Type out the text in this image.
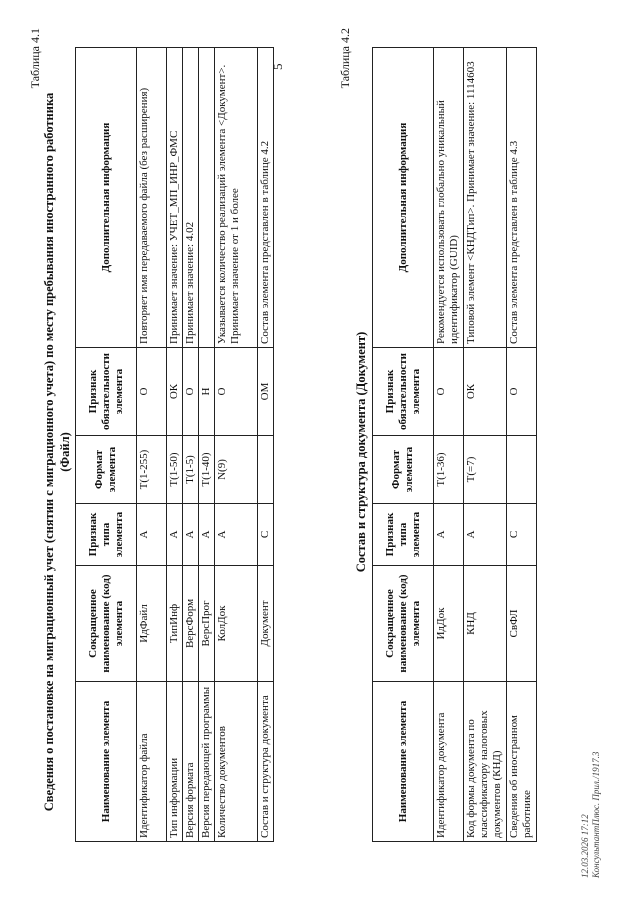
5
Таблица 4.1
Сведения о постановке на миграционный учет (снятии с миграционного учета) по месту пребывания иностранного работника (Файл)
Наименование элемента	Сокращенное наименование (код) элемента	Признак типа элемента	Формат элемента	Признак обязательности элемента	Дополнительная информация
Идентификатор файла	ИдФайл	А	T(1-255)	О	Повторяет имя передаваемого файла (без расширения)
Тип информации	ТипИнф	А	T(1-50)	ОК	Принимает значение: УЧЕТ_МП_ИНР_ФМС
Версия формата	ВерсФорм	А	T(1-5)	О	Принимает значение: 4.02
Версия передающей программы	ВерсПрог	А	T(1-40)	Н	
Количество документов	КолДок	А	N(9)	О	Указывается количество реализаций элемента <Документ>. Принимает значение от 1 и более
Состав и структура документа	Документ	С		ОМ	Состав элемента представлен в таблице 4.2
Таблица 4.2
Состав и структура документа (Документ)
Наименование элемента	Сокращенное наименование (код) элемента	Признак типа элемента	Формат элемента	Признак обязательности элемента	Дополнительная информация
Идентификатор документа	ИдДок	А	T(1-36)	О	Рекомендуется использовать глобально уникальный идентификатор (GUID)
Код формы документа по классификатору налоговых документов (КНД)	КНД	А	T(=7)	ОК	Типовой элемент <КНДТип>. Принимает значение: 1114603
Сведения об иностранном работнике	СвФЛ	С		О	Состав элемента представлен в таблице 4.3
12.03.2026 17:12 КонсультантПлюс. Прил./1917.3
